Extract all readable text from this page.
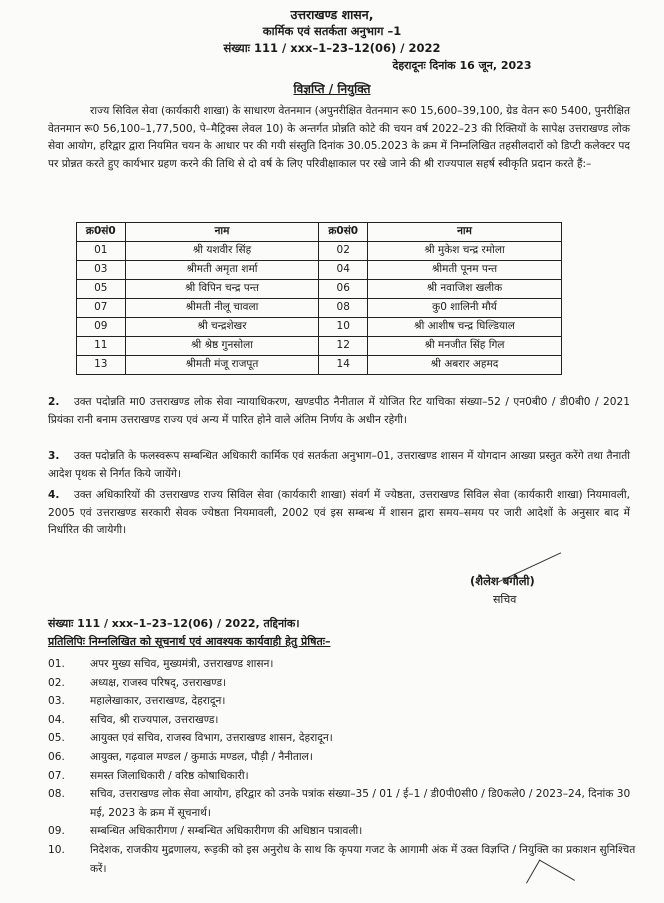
उत्तराखण्ड शासन,
कार्मिक एवं सतर्कता अनुभाग –1
संख्याः 111 / xxx–1–23–12(06) / 2022
देहरादूनः दिनांक 16 जून, 2023
विज्ञप्ति / नियुक्ति
राज्य सिविल सेवा (कार्यकारी शाखा) के साधारण वेतनमान (अपुनरीक्षित वेतनमान रू0 15,600–39,100, ग्रेड वेतन रू0 5400, पुनरीक्षित वेतनमान रू0 56,100–1,77,500, पे–मैट्रिक्स लेवल 10) के अन्तर्गत प्रोन्नति कोटे की चयन वर्ष 2022–23 की रिक्तियों के सापेक्ष उत्तराखण्ड लोक सेवा आयोग, हरिद्वार द्वारा नियमित चयन के आधार पर की गयी संस्तुति दिनांक 30.05.2023 के क्रम में निम्नलिखित तहसीलदारों को डिप्टी कलेक्टर पद पर प्रोन्नत करते हुए कार्यभार ग्रहण करने की तिथि से दो वर्ष के लिए परिवीक्षाकाल पर रखे जाने की श्री राज्यपाल सहर्ष स्वीकृति प्रदान करते हैं:–
क्र0सं0	नाम	क्र0सं0	नाम
01	श्री यशवीर सिंह	02	श्री मुकेश चन्द्र रमोला
03	श्रीमती अमृता शर्मा	04	श्रीमती पूनम पन्त
05	श्री विपिन चन्द्र पन्त	06	श्री नवाजिश खलीक
07	श्रीमती नीलू चावला	08	कु0 शालिनी मौर्य
09	श्री चन्द्रशेखर	10	श्री आशीष चन्द्र घिल्डियाल
11	श्री श्रेष्ठ गुनसोला	12	श्री मनजीत सिंह गिल
13	श्रीमती मंजू राजपूत	14	श्री अबरार अहमद
2. उक्त पदोन्नति मा0 उत्तराखण्ड लोक सेवा न्यायाधिकरण, खण्डपीठ नैनीताल में योजित रिट याचिका संख्या–52 / एन0बी0 / डी0बी0 / 2021 प्रियंका रानी बनाम उत्तराखण्ड राज्य एवं अन्य में पारित होने वाले अंतिम निर्णय के अधीन रहेगी।
3. उक्त पदोन्नति के फलस्वरूप सम्बन्धित अधिकारी कार्मिक एवं सतर्कता अनुभाग–01, उत्तराखण्ड शासन में योगदान आख्या प्रस्तुत करेंगे तथा तैनाती आदेश पृथक से निर्गत किये जायेंगे।
4. उक्त अधिकारियों की उत्तराखण्ड राज्य सिविल सेवा (कार्यकारी शाखा) संवर्ग में ज्येष्ठता, उत्तराखण्ड सिविल सेवा (कार्यकारी शाखा) नियमावली, 2005 एवं उत्तराखण्ड सरकारी सेवक ज्येष्ठता नियमावली, 2002 एवं इस सम्बन्ध में शासन द्वारा समय–समय पर जारी आदेशों के अनुसार बाद में निर्धारित की जायेगी।
(शैलेश बगौली)
सचिव
संख्याः 111 / xxx–1–23–12(06) / 2022, तद्दिनांक।
प्रतिलिपिः निम्नलिखित को सूचनार्थ एवं आवश्यक कार्यवाही हेतु प्रेषितः–
01.	अपर मुख्य सचिव, मुख्यमंत्री, उत्तराखण्ड शासन।
02.	अध्यक्ष, राजस्व परिषद्, उत्तराखण्ड।
03.	महालेखाकार, उत्तराखण्ड, देहरादून।
04.	सचिव, श्री राज्यपाल, उत्तराखण्ड।
05.	आयुक्त एवं सचिव, राजस्व विभाग, उत्तराखण्ड शासन, देहरादून।
06.	आयुक्त, गढ़वाल मण्डल / कुमाऊं मण्डल, पौड़ी / नैनीताल।
07.	समस्त जिलाधिकारी / वरिष्ठ कोषाधिकारी।
08.	सचिव, उत्तराखण्ड लोक सेवा आयोग, हरिद्वार को उनके पत्रांक संख्या–35 / 01 / ई–1 / डी0पी0सी0 / डि0कले0 / 2023–24, दिनांक 30 मई, 2023 के क्रम में सूचनार्थ।
09.	सम्बन्धित अधिकारीगण / सम्बन्धित अधिकारीगण की अधिष्ठान पत्रावली।
10.	निदेशक, राजकीय मुद्रणालय, रूड़की को इस अनुरोध के साथ कि कृपया गजट के आगामी अंक में उक्त विज्ञप्ति / नियुक्ति का प्रकाशन सुनिश्चित करें।
